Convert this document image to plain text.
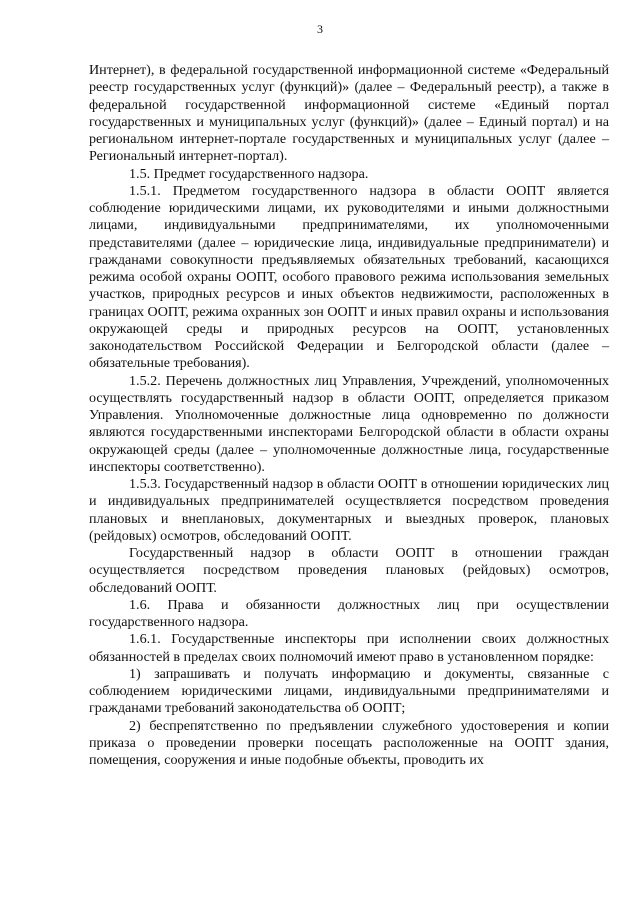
3

Интернет), в федеральной государственной информационной системе «Федеральный реестр государственных услуг (функций)» (далее – Федеральный реестр), а также в федеральной государственной информационной системе «Единый портал государственных и муниципальных услуг (функций)» (далее – Единый портал) и на региональном интернет-портале государственных и муниципальных услуг (далее – Региональный интернет-портал).

1.5. Предмет государственного надзора.

1.5.1. Предметом государственного надзора в области ООПТ является соблюдение юридическими лицами, их руководителями и иными должностными лицами, индивидуальными предпринимателями, их уполномоченными представителями (далее – юридические лица, индивидуальные предприниматели) и гражданами совокупности предъявляемых обязательных требований, касающихся режима особой охраны ООПТ, особого правового режима использования земельных участков, природных ресурсов и иных объектов недвижимости, расположенных в границах ООПТ, режима охранных зон ООПТ и иных правил охраны и использования окружающей среды и природных ресурсов на ООПТ, установленных законодательством Российской Федерации и Белгородской области (далее – обязательные требования).

1.5.2. Перечень должностных лиц Управления, Учреждений, уполномоченных осуществлять государственный надзор в области ООПТ, определяется приказом Управления. Уполномоченные должностные лица одновременно по должности являются государственными инспекторами Белгородской области в области охраны окружающей среды (далее – уполномоченные должностные лица, государственные инспекторы соответственно).

1.5.3. Государственный надзор в области ООПТ в отношении юридических лиц и индивидуальных предпринимателей осуществляется посредством проведения плановых и внеплановых, документарных и выездных проверок, плановых (рейдовых) осмотров, обследований ООПТ.

Государственный надзор в области ООПТ в отношении граждан осуществляется посредством проведения плановых (рейдовых) осмотров, обследований ООПТ.

1.6. Права и обязанности должностных лиц при осуществлении государственного надзора.

1.6.1. Государственные инспекторы при исполнении своих должностных обязанностей в пределах своих полномочий имеют право в установленном порядке:

1) запрашивать и получать информацию и документы, связанные с соблюдением юридическими лицами, индивидуальными предпринимателями и гражданами требований законодательства об ООПТ;

2) беспрепятственно по предъявлении служебного удостоверения и копии приказа о проведении проверки посещать расположенные на ООПТ здания, помещения, сооружения и иные подобные объекты, проводить их
